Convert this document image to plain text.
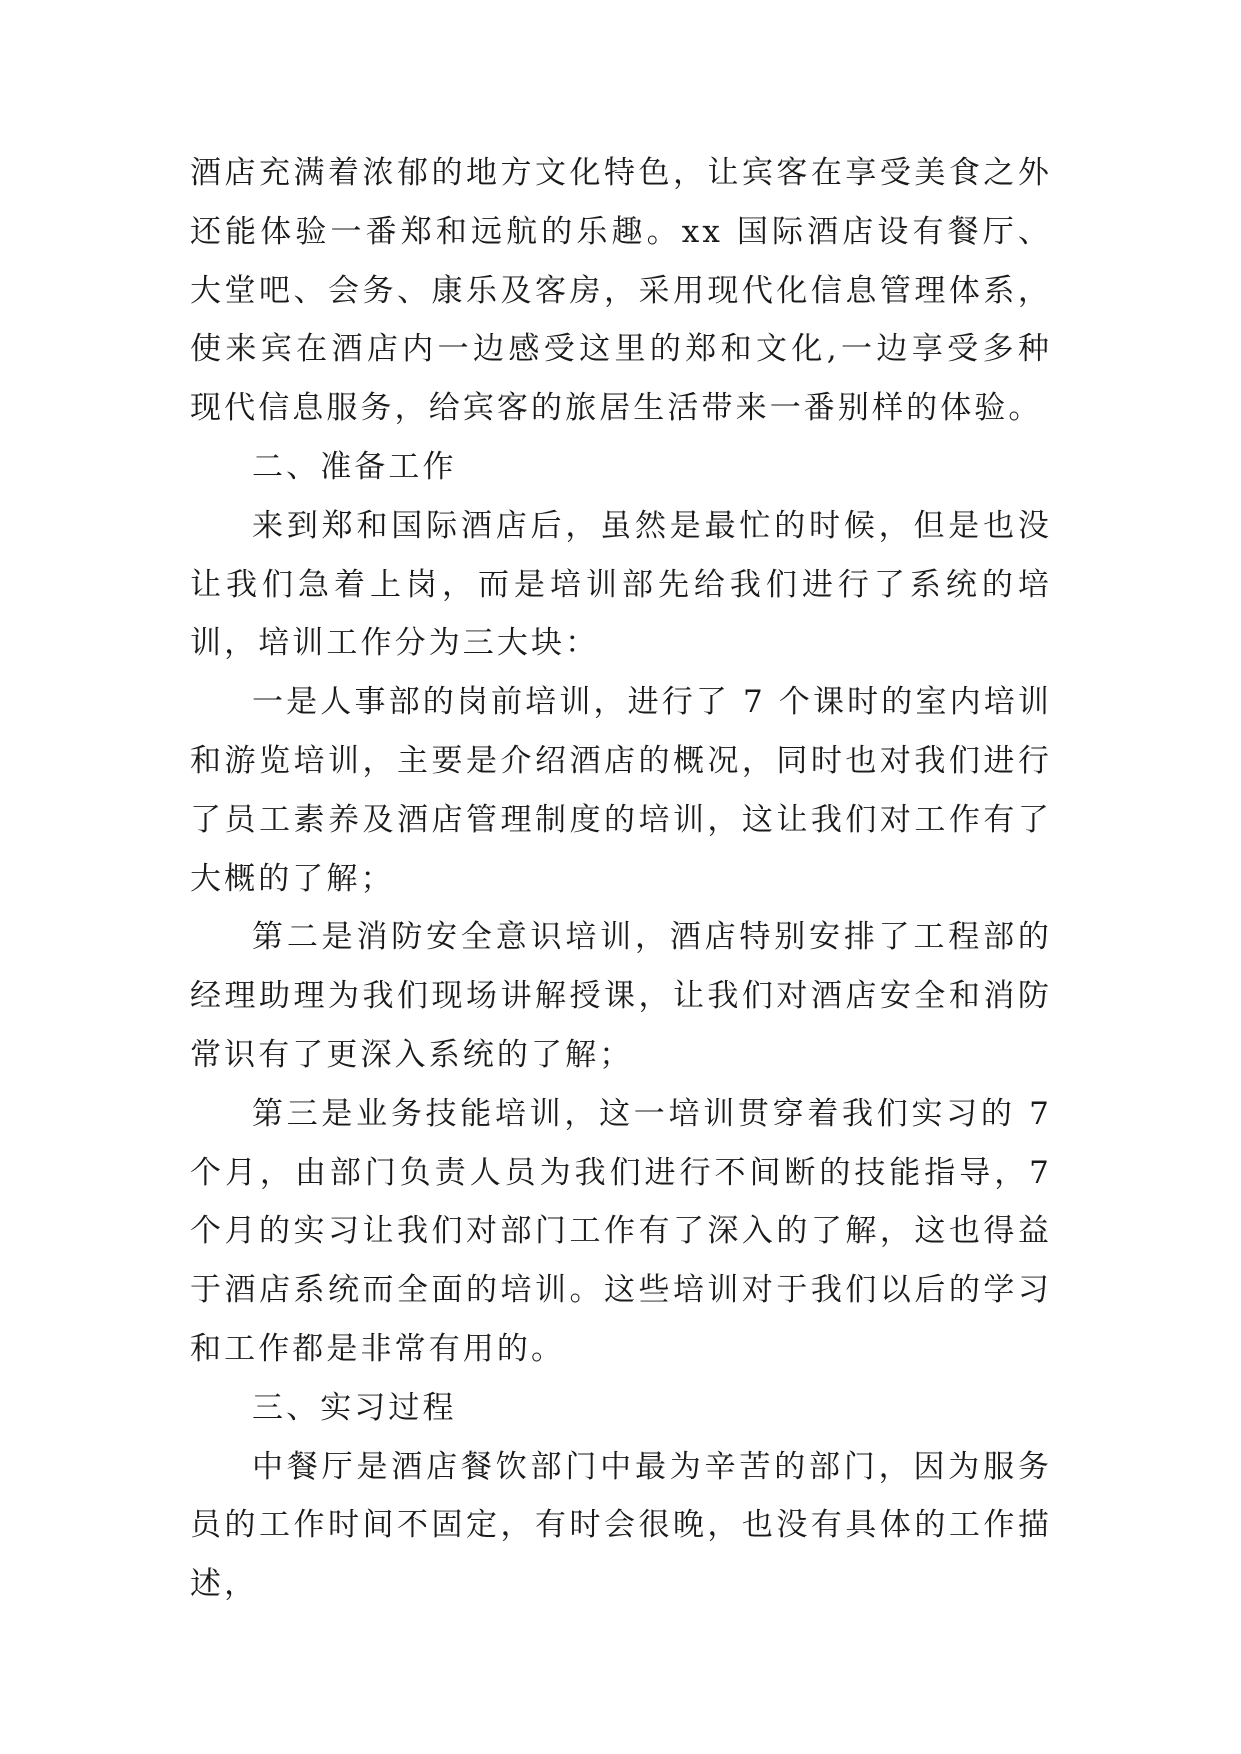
酒店充满着浓郁的地方文化特色，让宾客在享受美食之外还能体验一番郑和远航的乐趣。xx 国际酒店设有餐厅、大堂吧、会务、康乐及客房，采用现代化信息管理体系，使来宾在酒店内一边感受这里的郑和文化,一边享受多种现代信息服务，给宾客的旅居生活带来一番别样的体验。

二、准备工作

来到郑和国际酒店后，虽然是最忙的时候，但是也没让我们急着上岗，而是培训部先给我们进行了系统的培训，培训工作分为三大块：

一是人事部的岗前培训，进行了 7 个课时的室内培训和游览培训，主要是介绍酒店的概况，同时也对我们进行了员工素养及酒店管理制度的培训，这让我们对工作有了大概的了解；

第二是消防安全意识培训，酒店特别安排了工程部的经理助理为我们现场讲解授课，让我们对酒店安全和消防常识有了更深入系统的了解；

第三是业务技能培训，这一培训贯穿着我们实习的 7 个月，由部门负责人员为我们进行不间断的技能指导，7 个月的实习让我们对部门工作有了深入的了解，这也得益于酒店系统而全面的培训。这些培训对于我们以后的学习和工作都是非常有用的。

三、实习过程

中餐厅是酒店餐饮部门中最为辛苦的部门，因为服务员的工作时间不固定，有时会很晚，也没有具体的工作描述，
